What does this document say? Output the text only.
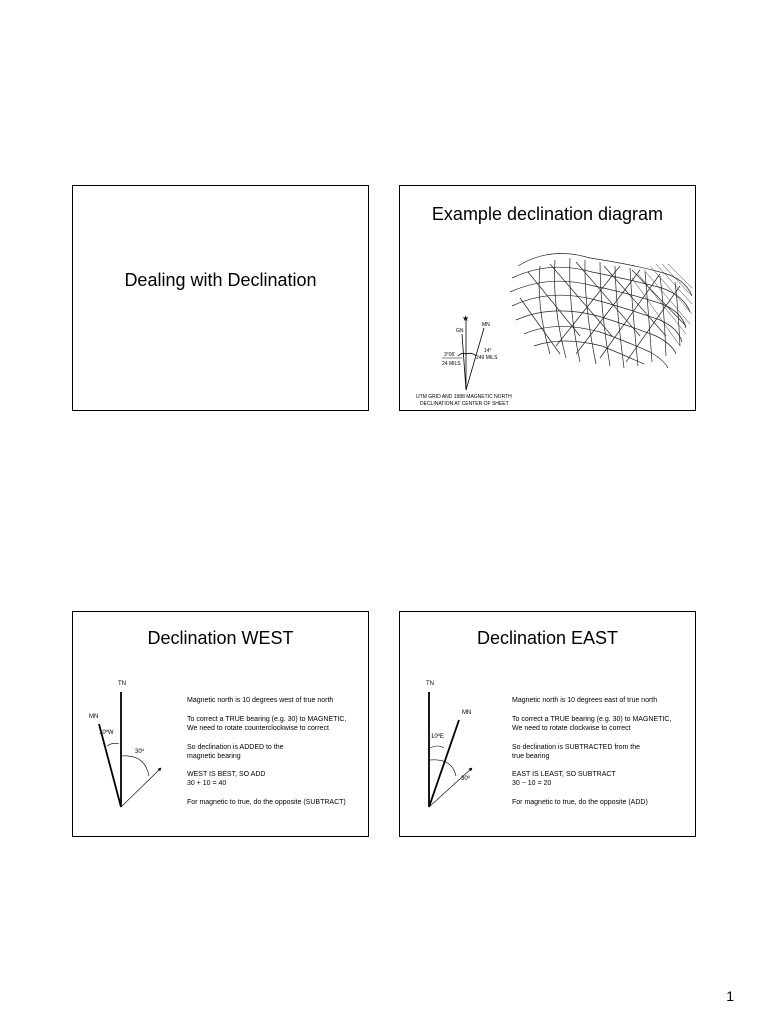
Dealing with Declination
Example declination diagram
★
GN
MN
3°06'
24 MILS
14°
249 MILS
UTM GRID AND 1988 MAGNETIC NORTH
DECLINATION AT CENTER OF SHEET
Declination WEST
TN
MN
10ºW
30º
Magnetic north is 10 degrees west of true north
To correct a TRUE bearing (e.g. 30) to MAGNETIC,
We need to rotate counterclockwise to correct
So declination is ADDED to the
magnetic bearing
WEST IS BEST, SO ADD
30 + 10 = 40
For magnetic to true, do the opposite (SUBTRACT)
Declination EAST
TN
MN
10ºE
30º
Magnetic north is 10 degrees east of true north
To correct a TRUE bearing (e.g. 30) to MAGNETIC,
We need to rotate clockwise to correct
So declination is SUBTRACTED from the
true bearing
EAST IS LEAST, SO SUBTRACT
30 − 10 = 20
For magnetic to true, do the opposite (ADD)
1
